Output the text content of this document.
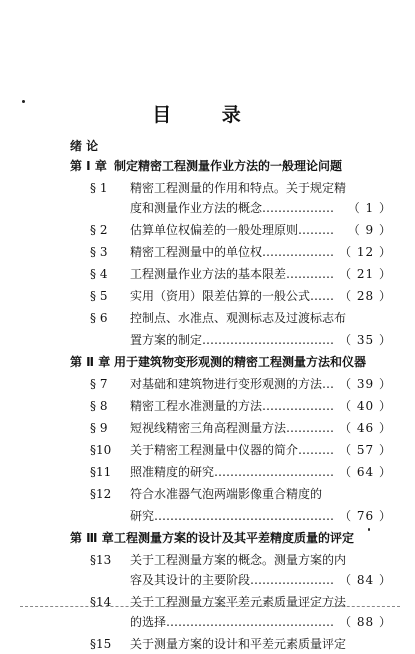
目 录
绪 论
第 Ⅰ 章 制定精密工程测量作业方法的一般理论问题
§ 1 精密工程测量的作用和特点。关于规定精
度和测量作业方法的概念……………… （ 1 ）
§ 2 估算单位权偏差的一般处理原则……… （ 9 ）
§ 3 精密工程测量中的单位权……………… （ 12 ）
§ 4 工程测量作业方法的基本限差………… （ 21 ）
§ 5 实用（资用）限差估算的一般公式…… （ 28 ）
§ 6 控制点、水准点、观测标志及过渡标志布
置方案的制定…………………………… （ 35 ）
第 Ⅱ 章 用于建筑物变形观测的精密工程测量方法和仪器
§ 7 对基础和建筑物进行变形观测的方法… （ 39 ）
§ 8 精密工程水准测量的方法……………… （ 40 ）
§ 9 短视线精密三角高程测量方法………… （ 46 ）
§10 关于精密工程测量中仪器的简介……… （ 57 ）
§11 照准精度的研究………………………… （ 64 ）
§12 符合水准器气泡两端影像重合精度的
研究……………………………………… （ 76 ）
第 Ⅲ 章 工程测量方案的设计及其平差精度质量的评定
§13 关于工程测量方案的概念。测量方案的内
容及其设计的主要阶段………………… （ 84 ）
§14 关于工程测量方案平差元素质量评定方法
的选择…………………………………… （ 88 ）
§15 关于测量方案的设计和平差元素质量评定
